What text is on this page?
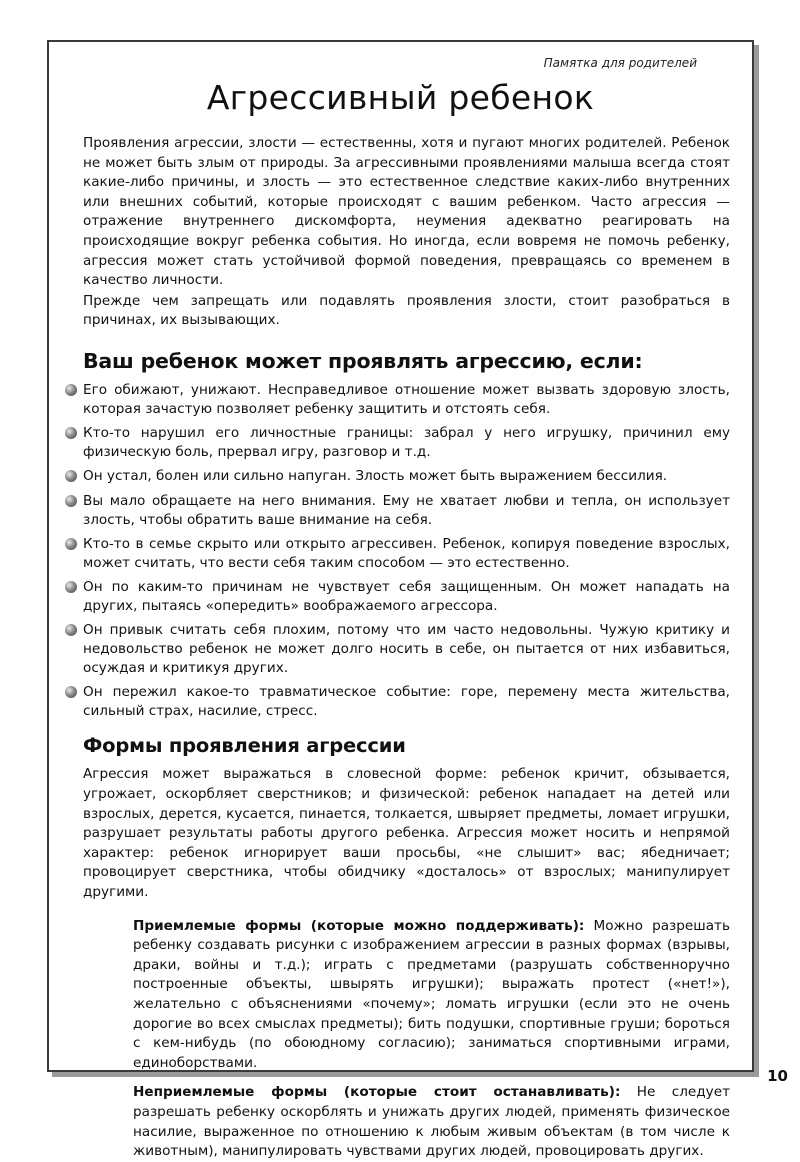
Памятка для родителей
Агрессивный ребенок

Проявления агрессии, злости — естественны, хотя и пугают многих родителей. Ребенок не может быть злым от природы. За агрессивными проявлениями малыша всегда стоят какие-либо причины, и злость — это естественное следствие каких-либо внутренних или внешних событий, которые происходят с вашим ребенком. Часто агрессия — отражение внутреннего дискомфорта, неумения адекватно реагировать на происходящие вокруг ребенка события. Но иногда, если вовремя не помочь ребенку, агрессия может стать устойчивой формой поведения, превращаясь со временем в качество личности.

Прежде чем запрещать или подавлять проявления злости, стоит разобраться в причинах, их вызывающих.

Ваш ребенок может проявлять агрессию, если:

Его обижают, унижают. Несправедливое отношение может вызвать здоровую злость, которая зачастую позволяет ребенку защитить и отстоять себя.

Кто-то нарушил его личностные границы: забрал у него игрушку, причинил ему физическую боль, прервал игру, разговор и т.д.

Он устал, болен или сильно напуган. Злость может быть выражением бессилия.

Вы мало обращаете на него внимания. Ему не хватает любви и тепла, он использует злость, чтобы обратить ваше внимание на себя.

Кто-то в семье скрыто или открыто агрессивен. Ребенок, копируя поведение взрослых, может считать, что вести себя таким способом — это естественно.

Он по каким-то причинам не чувствует себя защищенным. Он может нападать на других, пытаясь «опередить» воображаемого агрессора.

Он привык считать себя плохим, потому что им часто недовольны. Чужую критику и недовольство ребенок не может долго носить в себе, он пытается от них избавиться, осуждая и критикуя других.

Он пережил какое-то травматическое событие: горе, перемену места жительства, сильный страх, насилие, стресс.

Формы проявления агрессии

Агрессия может выражаться в словесной форме: ребенок кричит, обзывается, угрожает, оскорбляет сверстников; и физической: ребенок нападает на детей или взрослых, дерется, кусается, пинается, толкается, швыряет предметы, ломает игрушки, разрушает результаты работы другого ребенка. Агрессия может носить и непрямой характер: ребенок игнорирует ваши просьбы, «не слышит» вас; ябедничает; провоцирует сверстника, чтобы обидчику «досталось» от взрослых; манипулирует другими.

Приемлемые формы (которые можно поддерживать): Можно разрешать ребенку создавать рисунки с изображением агрессии в разных формах (взрывы, драки, войны и т.д.); играть с предметами (разрушать собственноручно построенные объекты, швырять игрушки); выражать протест («нет!»), желательно с объяснениями «почему»; ломать игрушки (если это не очень дорогие во всех смыслах предметы); бить подушки, спортивные груши; бороться с кем-нибудь (по обоюдному согласию); заниматься спортивными играми, единоборствами.

Неприемлемые формы (которые стоит останавливать): Не следует разрешать ребенку оскорблять и унижать других людей, применять физическое насилие, выраженное по отношению к любым живым объектам (в том числе к животным), манипулировать чувствами других людей, провоцировать других.

10
